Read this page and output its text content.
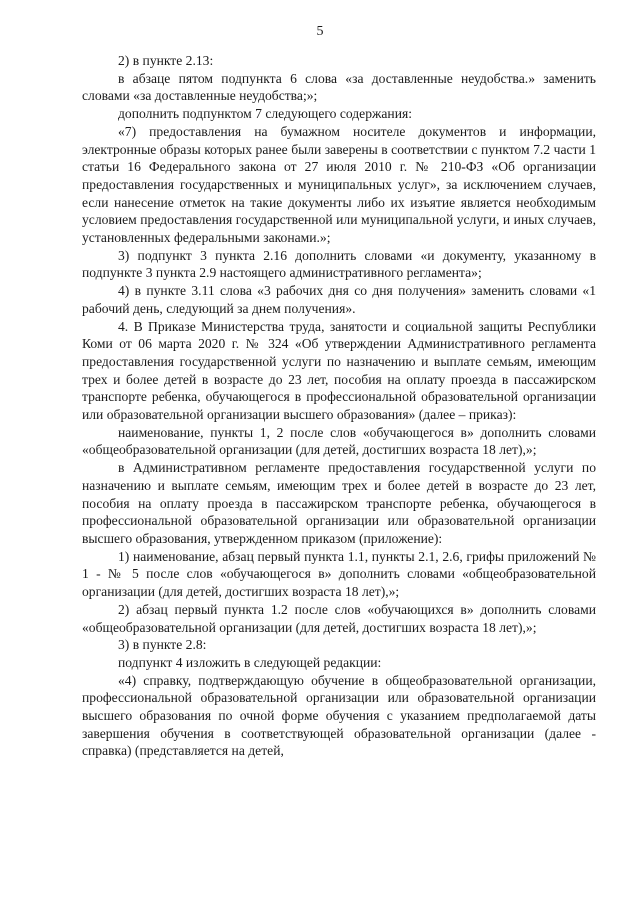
5

2) в пункте 2.13:

в абзаце пятом подпункта 6 слова «за доставленные неудобства.» заменить словами «за доставленные неудобства;»;

дополнить подпунктом 7 следующего содержания:

«7) предоставления на бумажном носителе документов и информации, электронные образы которых ранее были заверены в соответствии с пунктом 7.2 части 1 статьи 16 Федерального закона от 27 июля 2010 г. № 210-ФЗ «Об организации предоставления государственных и муниципальных услуг», за исключением случаев, если нанесение отметок на такие документы либо их изъятие является необходимым условием предоставления государственной или муниципальной услуги, и иных случаев, установленных федеральными законами.»;

3) подпункт 3 пункта 2.16 дополнить словами «и документу, указанному в подпункте 3 пункта 2.9 настоящего административного регламента»;

4) в пункте 3.11 слова «3 рабочих дня со дня получения» заменить словами «1 рабочий день, следующий за днем получения».

4. В Приказе Министерства труда, занятости и социальной защиты Республики Коми от 06 марта 2020 г. № 324 «Об утверждении Административного регламента предоставления государственной услуги по назначению и выплате семьям, имеющим трех и более детей в возрасте до 23 лет, пособия на оплату проезда в пассажирском транспорте ребенка, обучающегося в профессиональной образовательной организации или образовательной организации высшего образования» (далее – приказ):

наименование, пункты 1, 2 после слов «обучающегося в» дополнить словами «общеобразовательной организации (для детей, достигших возраста 18 лет),»;

в Административном регламенте предоставления государственной услуги по назначению и выплате семьям, имеющим трех и более детей в возрасте до 23 лет, пособия на оплату проезда в пассажирском транспорте ребенка, обучающегося в профессиональной образовательной организации или образовательной организации высшего образования, утвержденном приказом (приложение):

1) наименование, абзац первый пункта 1.1, пункты 2.1, 2.6, грифы приложений № 1 - № 5 после слов «обучающегося в» дополнить словами «общеобразовательной организации (для детей, достигших возраста 18 лет),»;

2) абзац первый пункта 1.2 после слов «обучающихся в» дополнить словами «общеобразовательной организации (для детей, достигших возраста 18 лет),»;

3) в пункте 2.8:

подпункт 4 изложить в следующей редакции:

«4) справку, подтверждающую обучение в общеобразовательной организации, профессиональной образовательной организации или образовательной организации высшего образования по очной форме обучения с указанием предполагаемой даты завершения обучения в соответствующей образовательной организации (далее - справка) (представляется на детей,
